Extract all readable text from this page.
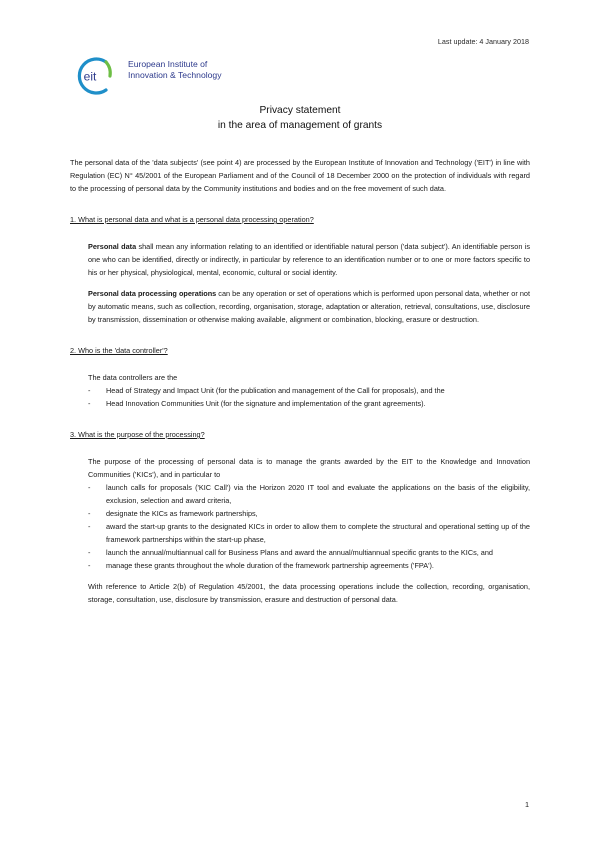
Last update: 4 January 2018
eit
European Institute of
Innovation & Technology
Privacy statement
in the area of management of grants

The personal data of the 'data subjects' (see point 4) are processed by the European Institute of Innovation and Technology ('EIT') in line with Regulation (EC) N° 45/2001 of the European Parliament and of the Council of 18 December 2000 on the protection of individuals with regard to the processing of personal data by the Community institutions and bodies and on the free movement of such data.

1. What is personal data and what is a personal data processing operation?

Personal data shall mean any information relating to an identified or identifiable natural person ('data subject'). An identifiable person is one who can be identified, directly or indirectly, in particular by reference to an identification number or to one or more factors specific to his or her physical, physiological, mental, economic, cultural or social identity.

Personal data processing operations can be any operation or set of operations which is performed upon personal data, whether or not by automatic means, such as collection, recording, organisation, storage, adaptation or alteration, retrieval, consultations, use, disclosure by transmission, dissemination or otherwise making available, alignment or combination, blocking, erasure or destruction.

2. Who is the 'data controller'?

The data controllers are the

- Head of Strategy and Impact Unit (for the publication and management of the Call for proposals), and the
- Head Innovation Communities Unit (for the signature and implementation of the grant agreements).

3. What is the purpose of the processing?

The purpose of the processing of personal data is to manage the grants awarded by the EIT to the Knowledge and Innovation Communities ('KICs'), and in particular to

- launch calls for proposals ('KIC Call') via the Horizon 2020 IT tool and evaluate the applications on the basis of the eligibility, exclusion, selection and award criteria,
- designate the KICs as framework partnerships,
- award the start-up grants to the designated KICs in order to allow them to complete the structural and operational setting up of the framework partnerships within the start-up phase,
- launch the annual/multiannual call for Business Plans and award the annual/multiannual specific grants to the KICs, and
- manage these grants throughout the whole duration of the framework partnership agreements ('FPA').

With reference to Article 2(b) of Regulation 45/2001, the data processing operations include the collection, recording, organisation, storage, consultation, use, disclosure by transmission, erasure and destruction of personal data.

1
